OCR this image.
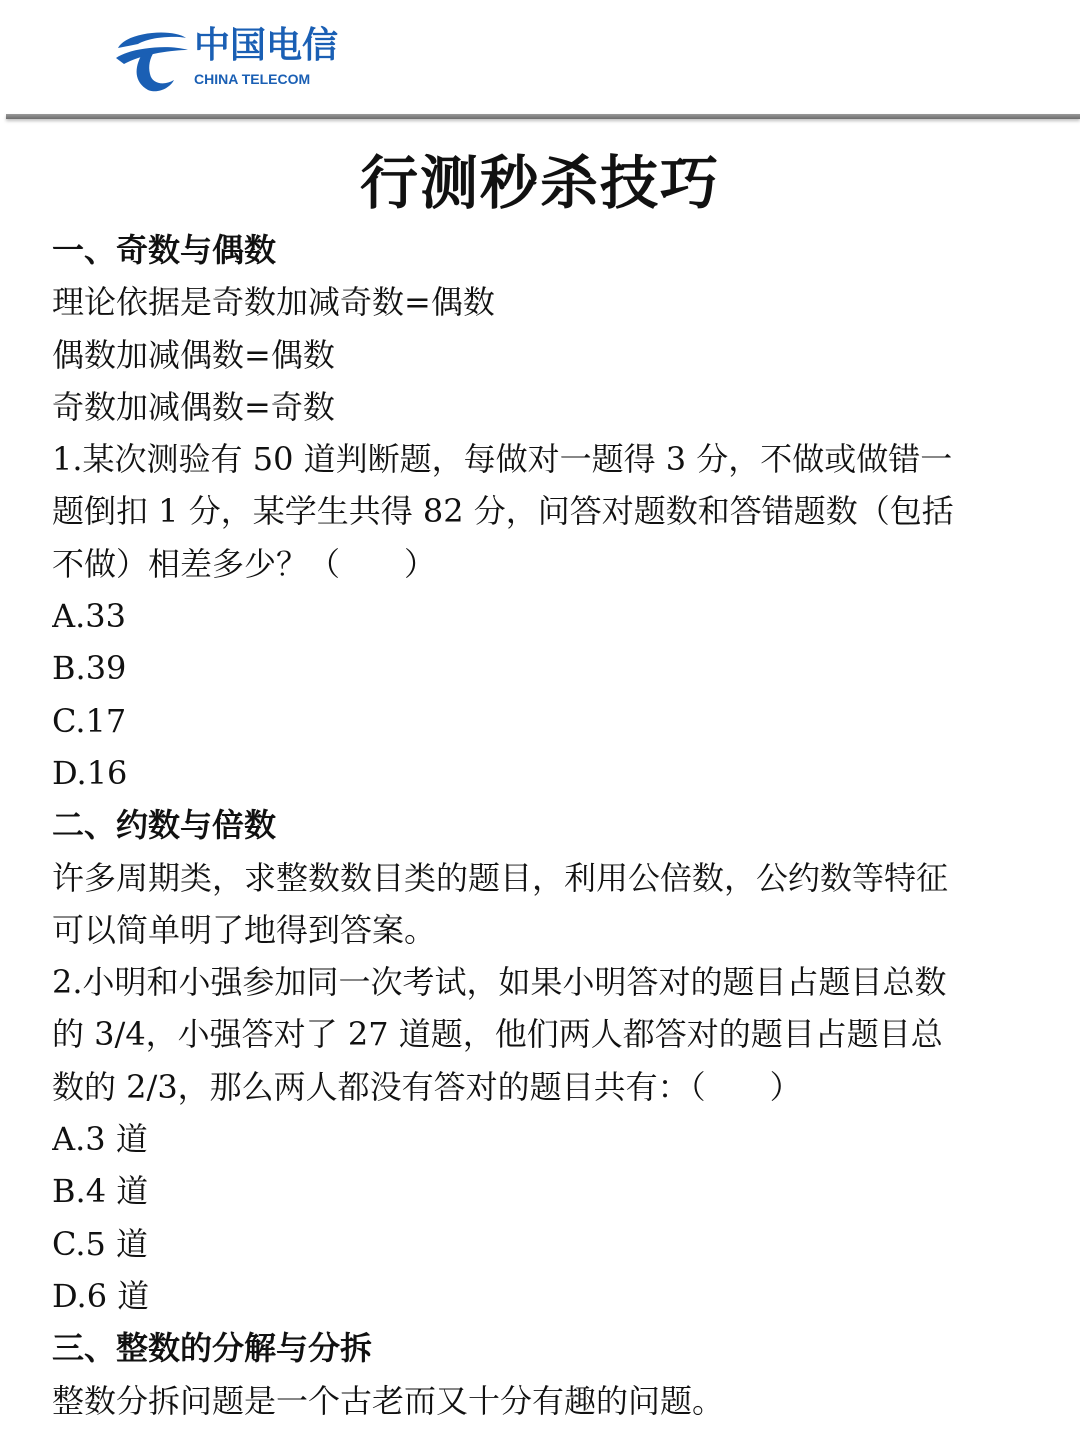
中国电信
CHINA TELECOM
行测秒杀技巧
一、奇数与偶数
理论依据是奇数加减奇数=偶数
偶数加减偶数=偶数
奇数加减偶数=奇数
1.某次测验有 50 道判断题，每做对一题得 3 分，不做或做错一
题倒扣 1 分，某学生共得 82 分，问答对题数和答错题数（包括
不做）相差多少？（　　）
A.33
B.39
C.17
D.16
二、约数与倍数
许多周期类，求整数数目类的题目，利用公倍数，公约数等特征
可以简单明了地得到答案。
2.小明和小强参加同一次考试，如果小明答对的题目占题目总数
的 3/4，小强答对了 27 道题，他们两人都答对的题目占题目总
数的 2/3，那么两人都没有答对的题目共有：（　　）
A.3 道
B.4 道
C.5 道
D.6 道
三、整数的分解与分拆
整数分拆问题是一个古老而又十分有趣的问题。
